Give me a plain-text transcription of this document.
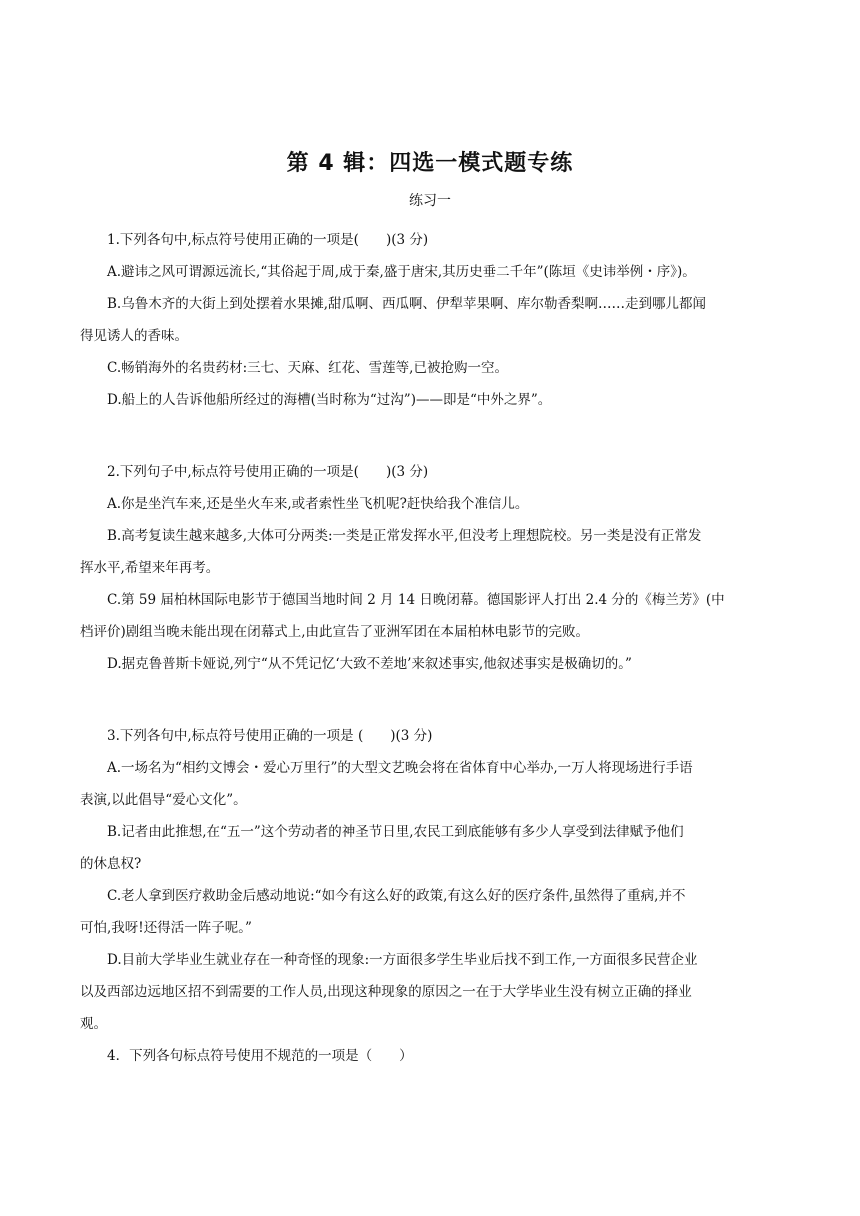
第 4 辑：四选一模式题专练
练习一
1.下列各句中,标点符号使用正确的一项是(　　)(3 分)
A.避讳之风可谓源远流长,“其俗起于周,成于秦,盛于唐宋,其历史垂二千年”(陈垣《史讳举例・序》)。
B.乌鲁木齐的大街上到处摆着水果摊,甜瓜啊、西瓜啊、伊犁苹果啊、库尔勒香梨啊……走到哪儿都闻
得见诱人的香味。
C.畅销海外的名贵药材:三七、天麻、红花、雪莲等,已被抢购一空。
D.船上的人告诉他船所经过的海槽(当时称为“过沟”)——即是“中外之界”。
2.下列句子中,标点符号使用正确的一项是(　　)(3 分)
A.你是坐汽车来,还是坐火车来,或者索性坐飞机呢?赶快给我个准信儿。
B.高考复读生越来越多,大体可分两类:一类是正常发挥水平,但没考上理想院校。另一类是没有正常发
挥水平,希望来年再考。
C.第 59 届柏林国际电影节于德国当地时间 2 月 14 日晚闭幕。德国影评人打出 2.4 分的《梅兰芳》(中
档评价)剧组当晚未能出现在闭幕式上,由此宣告了亚洲军团在本届柏林电影节的完败。
D.据克鲁普斯卡娅说,列宁“从不凭记忆‘大致不差地’来叙述事实,他叙述事实是极确切的。”
3.下列各句中,标点符号使用正确的一项是 (　　)(3 分)
A.一场名为“相约文博会・爱心万里行”的大型文艺晚会将在省体育中心举办,一万人将现场进行手语
表演,以此倡导“爱心文化”。
B.记者由此推想,在“五一”这个劳动者的神圣节日里,农民工到底能够有多少人享受到法律赋予他们
的休息权?
C.老人拿到医疗救助金后感动地说:“如今有这么好的政策,有这么好的医疗条件,虽然得了重病,并不
可怕,我呀!还得活一阵子呢。”
D.目前大学毕业生就业存在一种奇怪的现象:一方面很多学生毕业后找不到工作,一方面很多民营企业
以及西部边远地区招不到需要的工作人员,出现这种现象的原因之一在于大学毕业生没有树立正确的择业
观。
4．下列各句标点符号使用不规范的一项是（　　）
